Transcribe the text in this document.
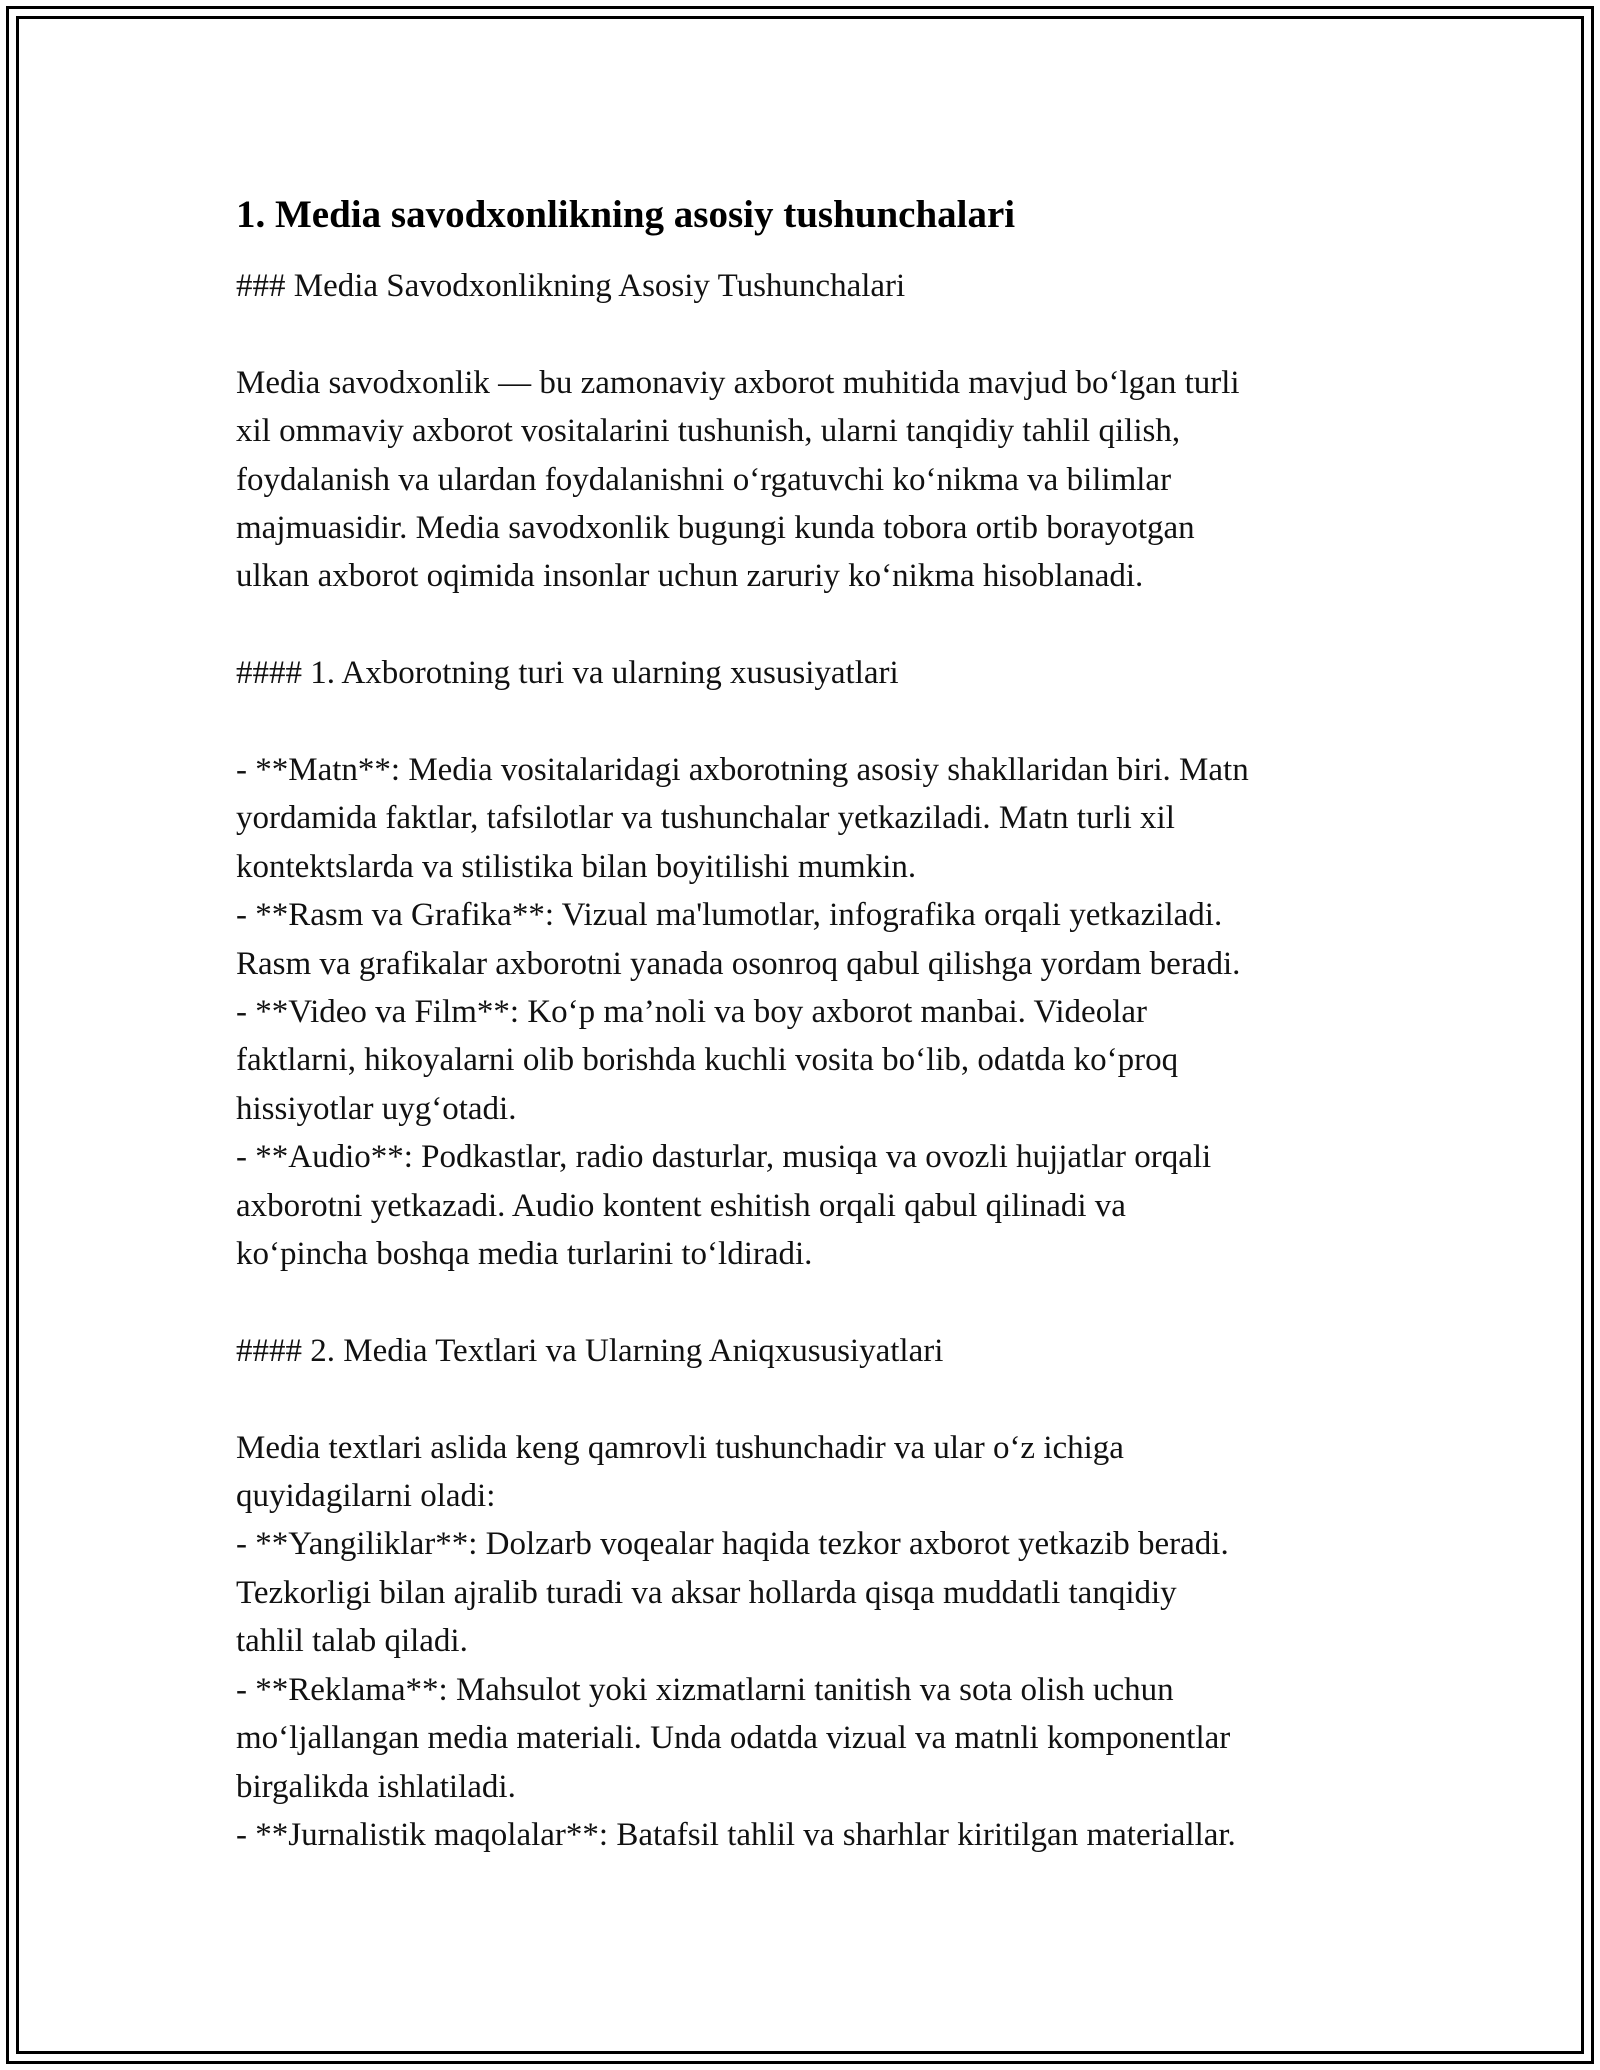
1. Media savodxonlikning asosiy tushunchalari

### Media Savodxonlikning Asosiy Tushunchalari

Media savodxonlik — bu zamonaviy axborot muhitida mavjud bo‘lgan turli
xil ommaviy axborot vositalarini tushunish, ularni tanqidiy tahlil qilish,
foydalanish va ulardan foydalanishni o‘rgatuvchi ko‘nikma va bilimlar
majmuasidir. Media savodxonlik bugungi kunda tobora ortib borayotgan
ulkan axborot oqimida insonlar uchun zaruriy ko‘nikma hisoblanadi.

#### 1. Axborotning turi va ularning xususiyatlari

- **Matn**: Media vositalaridagi axborotning asosiy shakllaridan biri. Matn
yordamida faktlar, tafsilotlar va tushunchalar yetkaziladi. Matn turli xil
kontektslarda va stilistika bilan boyitilishi mumkin.

- **Rasm va Grafika**: Vizual ma'lumotlar, infografika orqali yetkaziladi.
Rasm va grafikalar axborotni yanada osonroq qabul qilishga yordam beradi.

- **Video va Film**: Ko‘p ma’noli va boy axborot manbai. Videolar
faktlarni, hikoyalarni olib borishda kuchli vosita bo‘lib, odatda ko‘proq
hissiyotlar uyg‘otadi.

- **Audio**: Podkastlar, radio dasturlar, musiqa va ovozli hujjatlar orqali
axborotni yetkazadi. Audio kontent eshitish orqali qabul qilinadi va
ko‘pincha boshqa media turlarini to‘ldiradi.

#### 2. Media Textlari va Ularning Aniqxususiyatlari

Media textlari aslida keng qamrovli tushunchadir va ular o‘z ichiga
quyidagilarni oladi:

- **Yangiliklar**: Dolzarb voqealar haqida tezkor axborot yetkazib beradi.
Tezkorligi bilan ajralib turadi va aksar hollarda qisqa muddatli tanqidiy
tahlil talab qiladi.

- **Reklama**: Mahsulot yoki xizmatlarni tanitish va sota olish uchun
mo‘ljallangan media materiali. Unda odatda vizual va matnli komponentlar
birgalikda ishlatiladi.

- **Jurnalistik maqolalar**: Batafsil tahlil va sharhlar kiritilgan materiallar.
